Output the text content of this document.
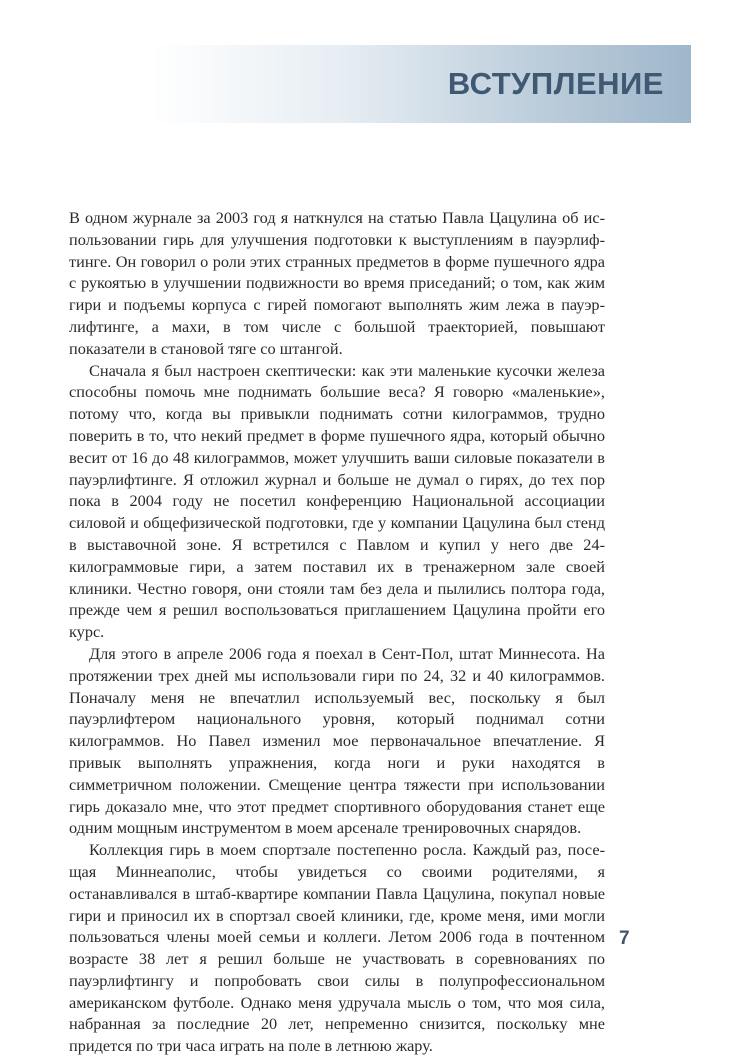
ВСТУПЛЕНИЕ

В одном журнале за 2003 год я наткнулся на статью Павла Цацулина об использовании гирь для улучшения подготовки к выступлениям в пауэрлифтинге. Он говорил о роли этих странных предметов в форме пушечного ядра с рукоятью в улучшении подвижности во время приседаний; о том, как жим гири и подъемы корпуса с гирей помогают выполнять жим лежа в пауэрлифтинге, а махи, в том числе с большой траекторией, повышают показатели в становой тяге со штангой.

Сначала я был настроен скептически: как эти маленькие кусочки железа способны помочь мне поднимать большие веса? Я говорю «маленькие», потому что, когда вы привыкли поднимать сотни килограммов, трудно поверить в то, что некий предмет в форме пушечного ядра, который обычно весит от 16 до 48 килограммов, может улучшить ваши силовые показатели в пауэрлифтинге. Я отложил журнал и больше не думал о гирях, до тех пор пока в 2004 году не посетил конференцию Национальной ассоциации силовой и общефизической подготовки, где у компании Цацулина был стенд в выставочной зоне. Я встретился с Павлом и купил у него две 24-килограммовые гири, а затем поставил их в тренажерном зале своей клиники. Честно говоря, они стояли там без дела и пылились полтора года, прежде чем я решил воспользоваться приглашением Цацулина пройти его курс.

Для этого в апреле 2006 года я поехал в Сент-Пол, штат Миннесота. На протяжении трех дней мы использовали гири по 24, 32 и 40 килограммов. Поначалу меня не впечатлил используемый вес, поскольку я был пауэрлифтером национального уровня, который поднимал сотни килограммов. Но Павел изменил мое первоначальное впечатление. Я привык выполнять упражнения, когда ноги и руки находятся в симметричном положении. Смещение центра тяжести при использовании гирь доказало мне, что этот предмет спортивного оборудования станет еще одним мощным инструментом в моем арсенале тренировочных снарядов.

Коллекция гирь в моем спортзале постепенно росла. Каждый раз, посещая Миннеаполис, чтобы увидеться со своими родителями, я останавливался в штаб-квартире компании Павла Цацулина, покупал новые гири и приносил их в спортзал своей клиники, где, кроме меня, ими могли пользоваться члены моей семьи и коллеги. Летом 2006 года в почтенном возрасте 38 лет я решил больше не участвовать в соревнованиях по пауэрлифтингу и попробовать свои силы в полупрофессиональном американском футболе. Однако меня удручала мысль о том, что моя сила, набранная за последние 20 лет, непременно снизится, поскольку мне придется по три часа играть на поле в летнюю жару.

7
